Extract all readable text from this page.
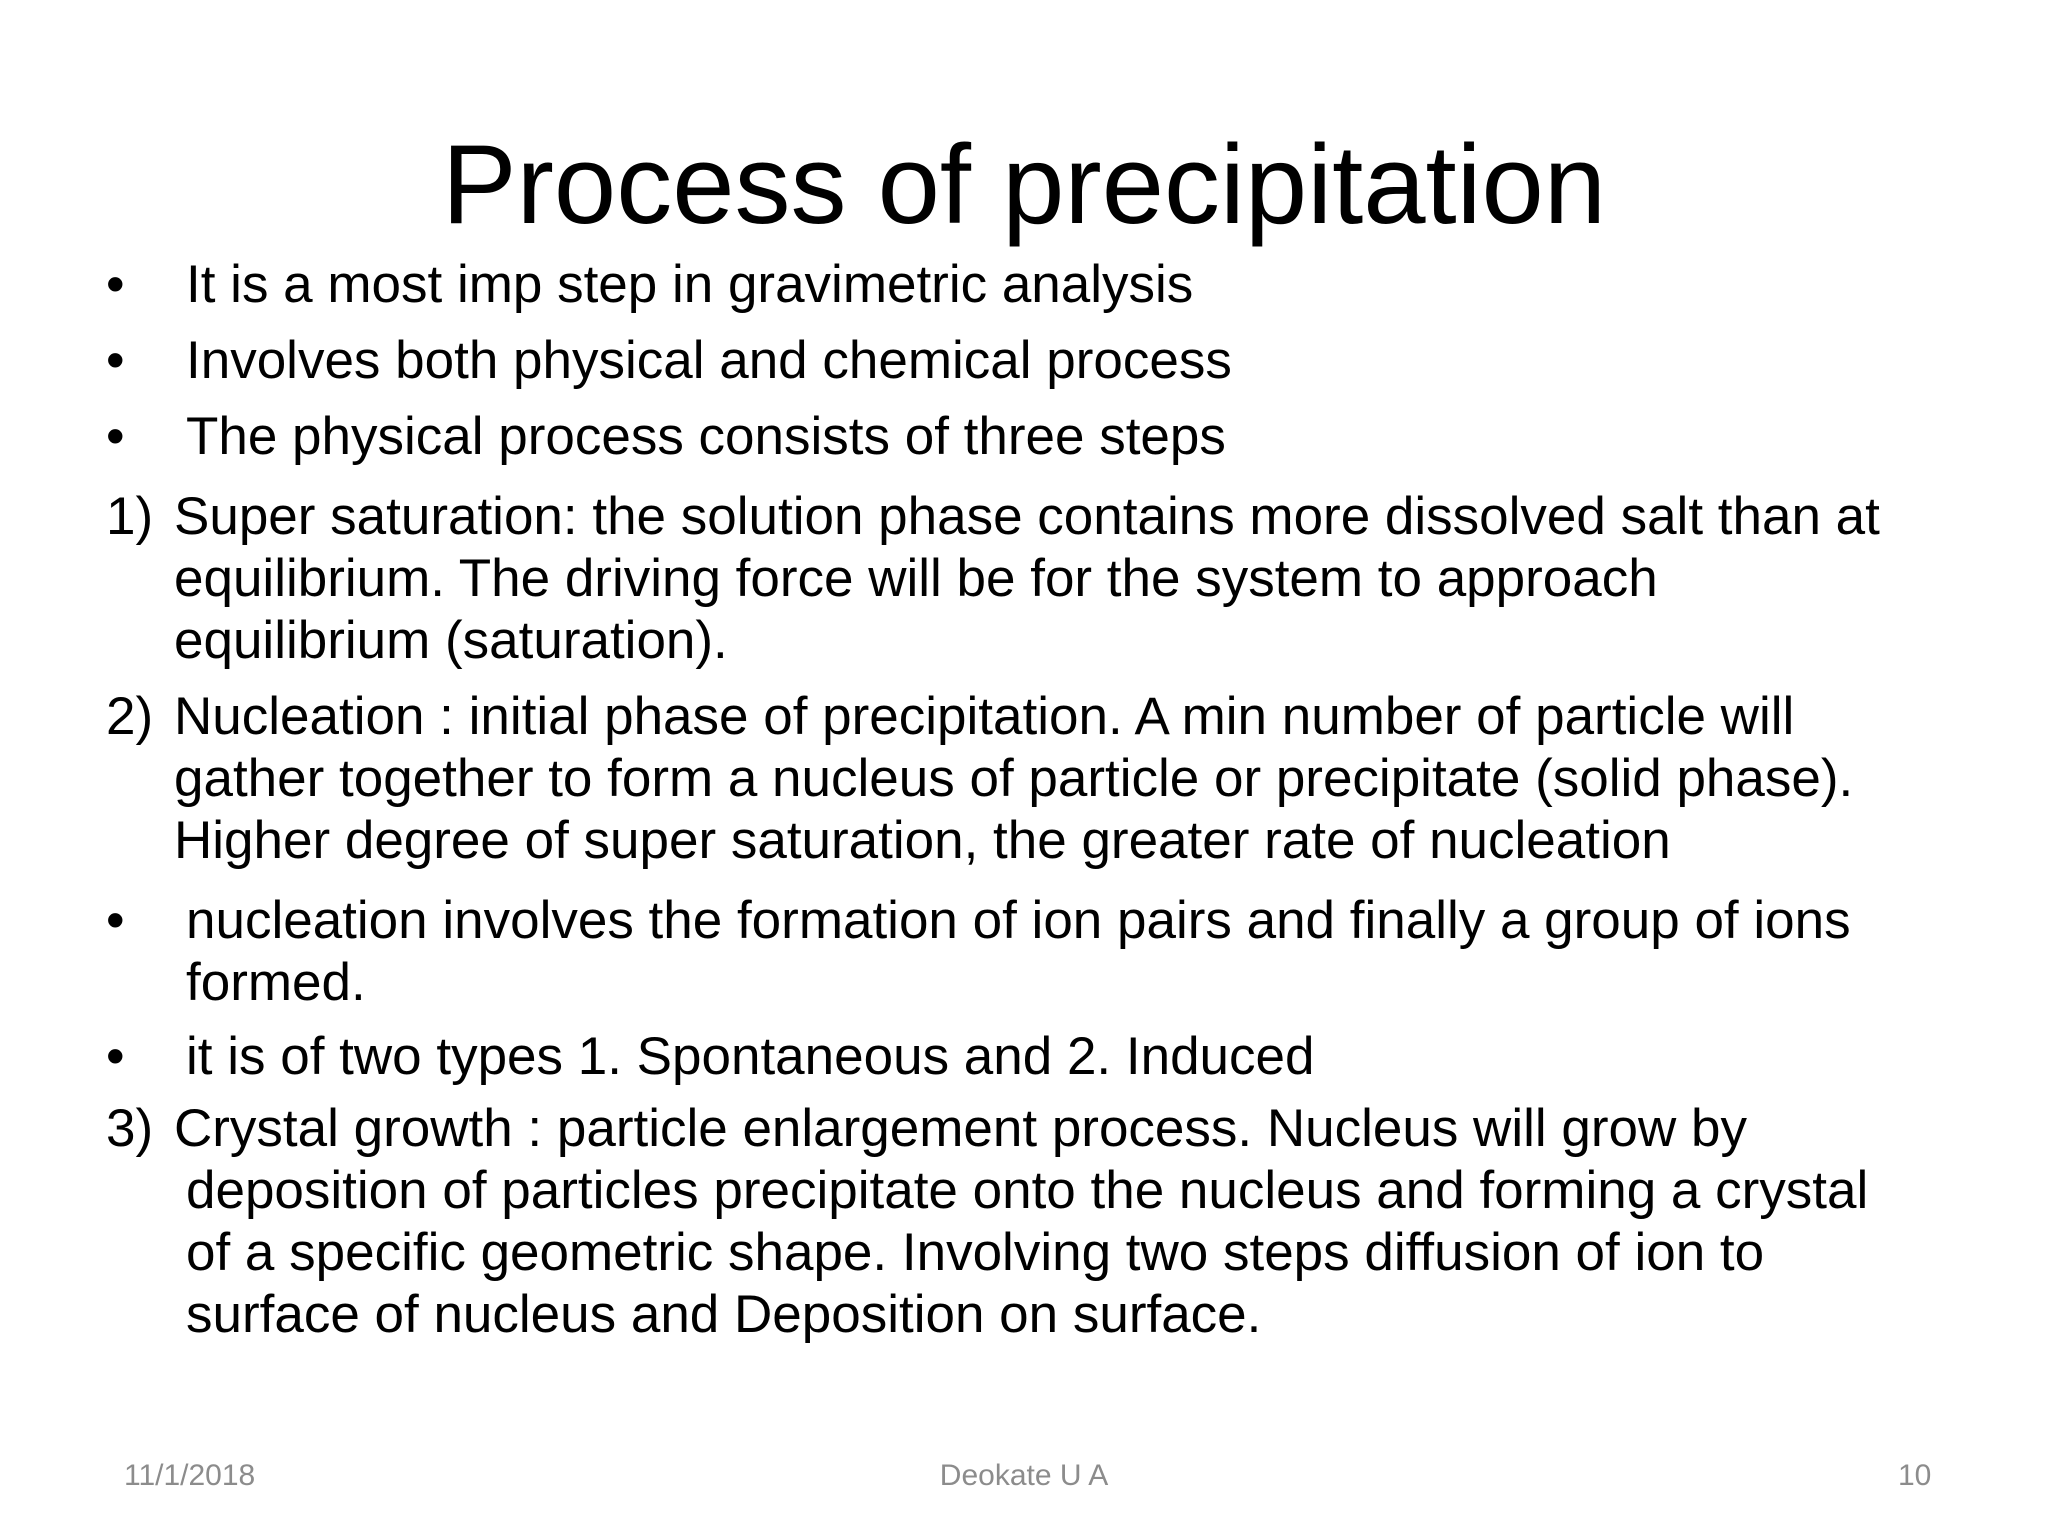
Process of precipitation
• It is a most imp step in gravimetric analysis
• Involves both physical and chemical process
• The physical process consists of three steps
1) Super saturation: the solution phase contains more dissolved salt than at
equilibrium. The driving force will be for the system to approach
equilibrium (saturation).
2) Nucleation : initial phase of precipitation. A min number of particle will
gather together to form a nucleus of particle or precipitate (solid phase).
Higher degree of super saturation, the greater rate of nucleation
• nucleation involves the formation of ion pairs and finally a group of ions
formed.
• it is of two types 1. Spontaneous and 2. Induced
3) Crystal growth : particle enlargement process. Nucleus will grow by
deposition of particles precipitate onto the nucleus and forming a crystal
of a specific geometric shape. Involving two steps diffusion of ion to
surface of nucleus and Deposition on surface.
11/1/2018	Deokate U A	10
